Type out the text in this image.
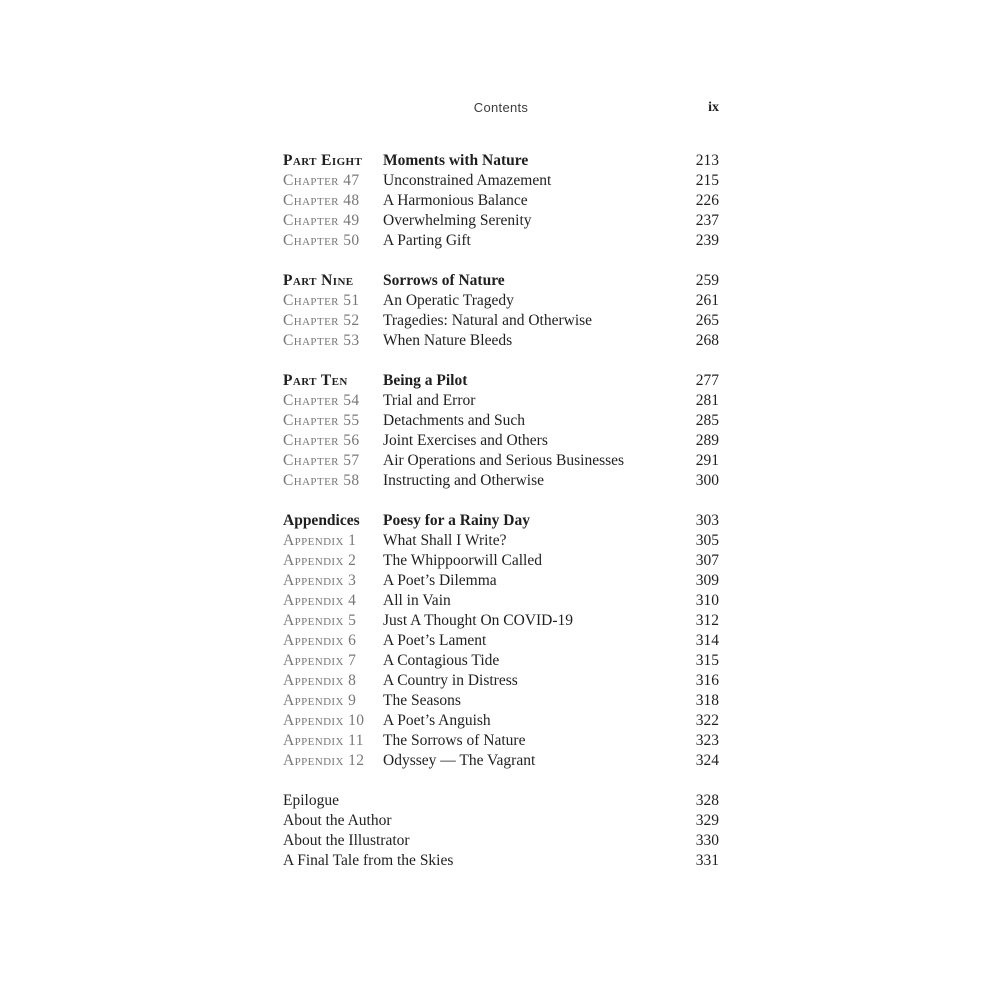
Contents	ix
Part Eight	Moments with Nature	213
Chapter 47	Unconstrained Amazement	215
Chapter 48	A Harmonious Balance	226
Chapter 49	Overwhelming Serenity	237
Chapter 50	A Parting Gift	239
Part Nine	Sorrows of Nature	259
Chapter 51	An Operatic Tragedy	261
Chapter 52	Tragedies: Natural and Otherwise	265
Chapter 53	When Nature Bleeds	268
Part Ten	Being a Pilot	277
Chapter 54	Trial and Error	281
Chapter 55	Detachments and Such	285
Chapter 56	Joint Exercises and Others	289
Chapter 57	Air Operations and Serious Businesses	291
Chapter 58	Instructing and Otherwise	300
Appendices	Poesy for a Rainy Day	303
Appendix 1	What Shall I Write?	305
Appendix 2	The Whippoorwill Called	307
Appendix 3	A Poet’s Dilemma	309
Appendix 4	All in Vain	310
Appendix 5	Just A Thought On COVID-19	312
Appendix 6	A Poet’s Lament	314
Appendix 7	A Contagious Tide	315
Appendix 8	A Country in Distress	316
Appendix 9	The Seasons	318
Appendix 10	A Poet’s Anguish	322
Appendix 11	The Sorrows of Nature	323
Appendix 12	Odyssey — The Vagrant	324
Epilogue	328
About the Author	329
About the Illustrator	330
A Final Tale from the Skies	331
